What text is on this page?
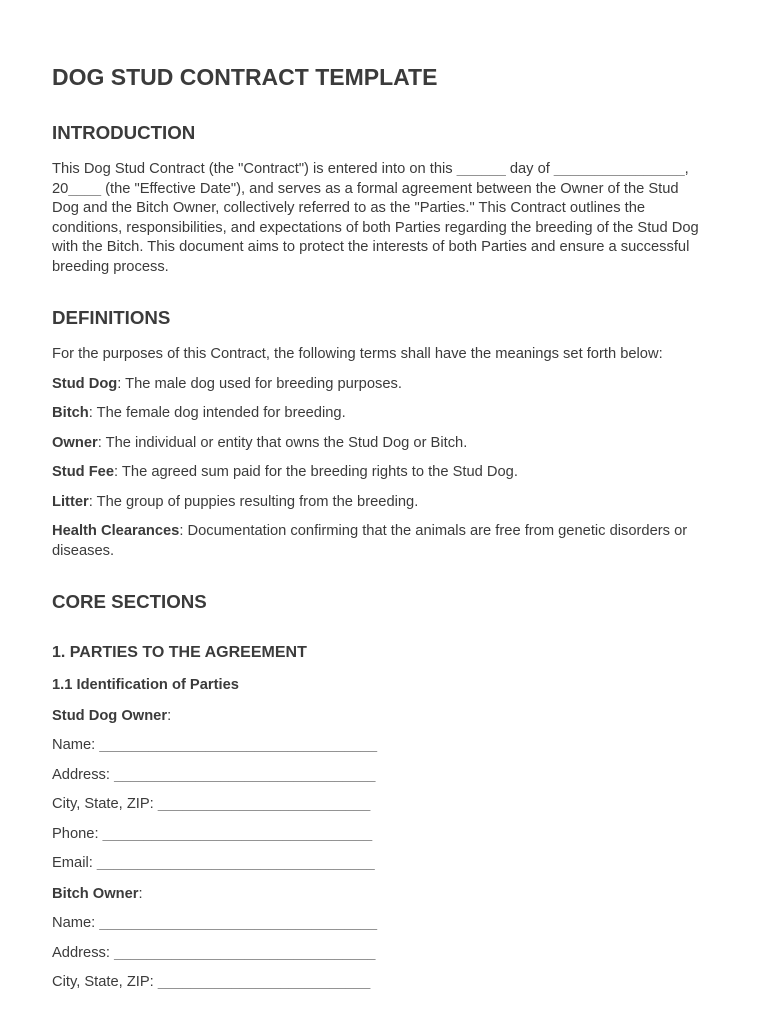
DOG STUD CONTRACT TEMPLATE
INTRODUCTION

This Dog Stud Contract (the "Contract") is entered into on this ______ day of ________________, 20____ (the "Effective Date"), and serves as a formal agreement between the Owner of the Stud Dog and the Bitch Owner, collectively referred to as the "Parties." This Contract outlines the conditions, responsibilities, and expectations of both Parties regarding the breeding of the Stud Dog with the Bitch. This document aims to protect the interests of both Parties and ensure a successful breeding process.

DEFINITIONS

For the purposes of this Contract, the following terms shall have the meanings set forth below:

Stud Dog: The male dog used for breeding purposes.

Bitch: The female dog intended for breeding.

Owner: The individual or entity that owns the Stud Dog or Bitch.

Stud Fee: The agreed sum paid for the breeding rights to the Stud Dog.

Litter: The group of puppies resulting from the breeding.

Health Clearances: Documentation confirming that the animals are free from genetic disorders or diseases.

CORE SECTIONS
1. PARTIES TO THE AGREEMENT
1.1 Identification of Parties

Stud Dog Owner:

Name: __________________________________

Address: ________________________________

City, State, ZIP: __________________________

Phone: _________________________________

Email: __________________________________

Bitch Owner:

Name: __________________________________

Address: ________________________________

City, State, ZIP: __________________________
